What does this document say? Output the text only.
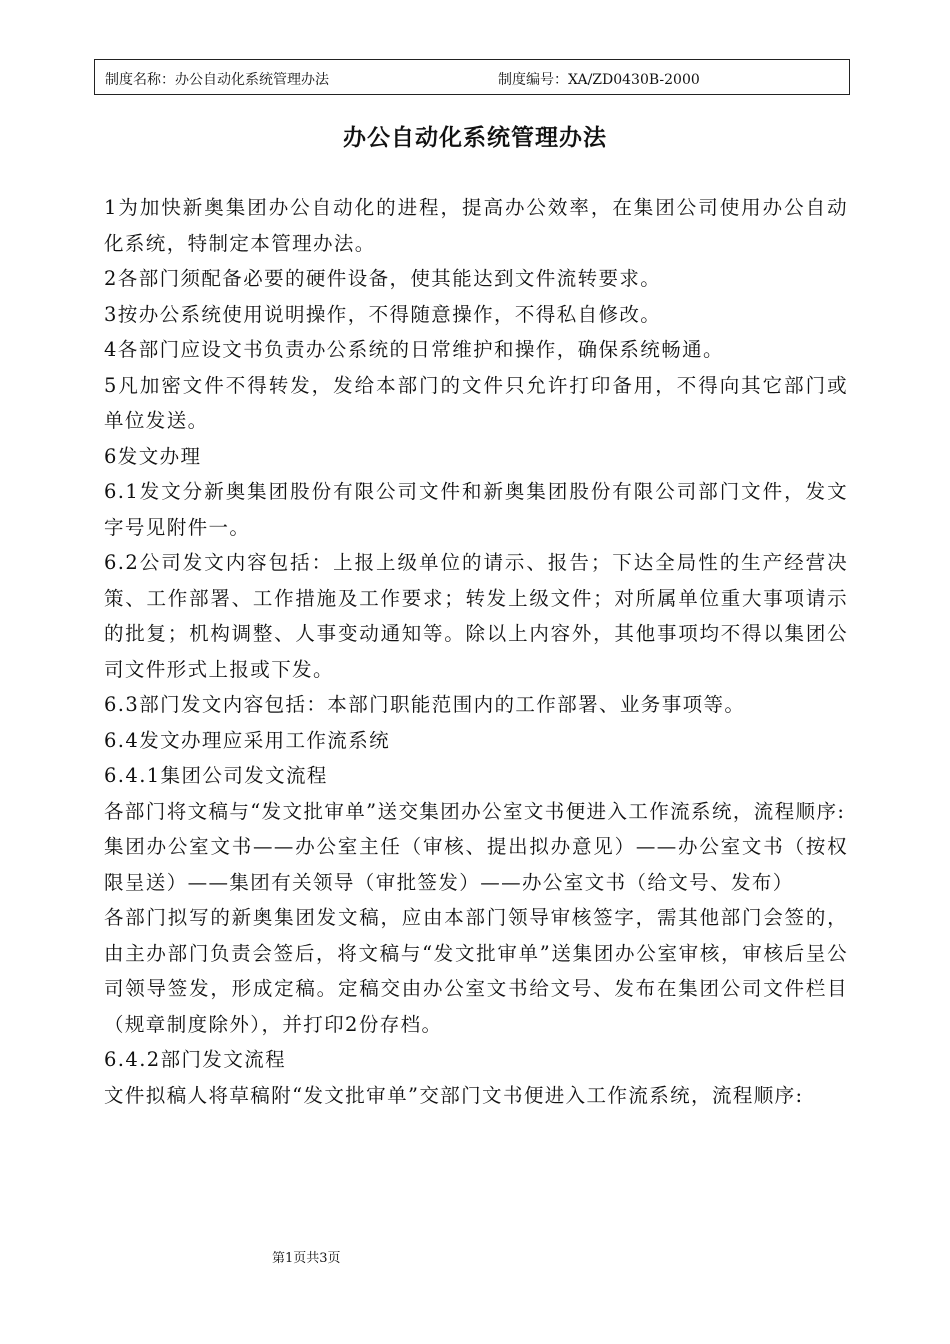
制度名称：办公自动化系统管理办法	制度编号：XA/ZD0430B-2000
办公自动化系统管理办法

1为加快新奥集团办公自动化的进程，提高办公效率，在集团公司使用办公自动化系统，特制定本管理办法。

2各部门须配备必要的硬件设备，使其能达到文件流转要求。

3按办公系统使用说明操作，不得随意操作，不得私自修改。

4各部门应设文书负责办公系统的日常维护和操作，确保系统畅通。

5凡加密文件不得转发，发给本部门的文件只允许打印备用，不得向其它部门或单位发送。

6发文办理

6.1发文分新奥集团股份有限公司文件和新奥集团股份有限公司部门文件，发文字号见附件一。

6.2公司发文内容包括：上报上级单位的请示、报告；下达全局性的生产经营决策、工作部署、工作措施及工作要求；转发上级文件；对所属单位重大事项请示的批复；机构调整、人事变动通知等。除以上内容外，其他事项均不得以集团公司文件形式上报或下发。

6.3部门发文内容包括：本部门职能范围内的工作部署、业务事项等。

6.4发文办理应采用工作流系统

6.4.1集团公司发文流程

各部门将文稿与“发文批审单”送交集团办公室文书便进入工作流系统，流程顺序:

集团办公室文书——办公室主任（审核、提出拟办意见）——办公室文书（按权限呈送）——集团有关领导（审批签发）——办公室文书（给文号、发布）

各部门拟写的新奥集团发文稿，应由本部门领导审核签字，需其他部门会签的，由主办部门负责会签后，将文稿与“发文批审单”送集团办公室审核，审核后呈公司领导签发，形成定稿。定稿交由办公室文书给文号、发布在集团公司文件栏目（规章制度除外），并打印2份存档。

6.4.2部门发文流程

文件拟稿人将草稿附“发文批审单”交部门文书便进入工作流系统，流程顺序:

第1页共3页
